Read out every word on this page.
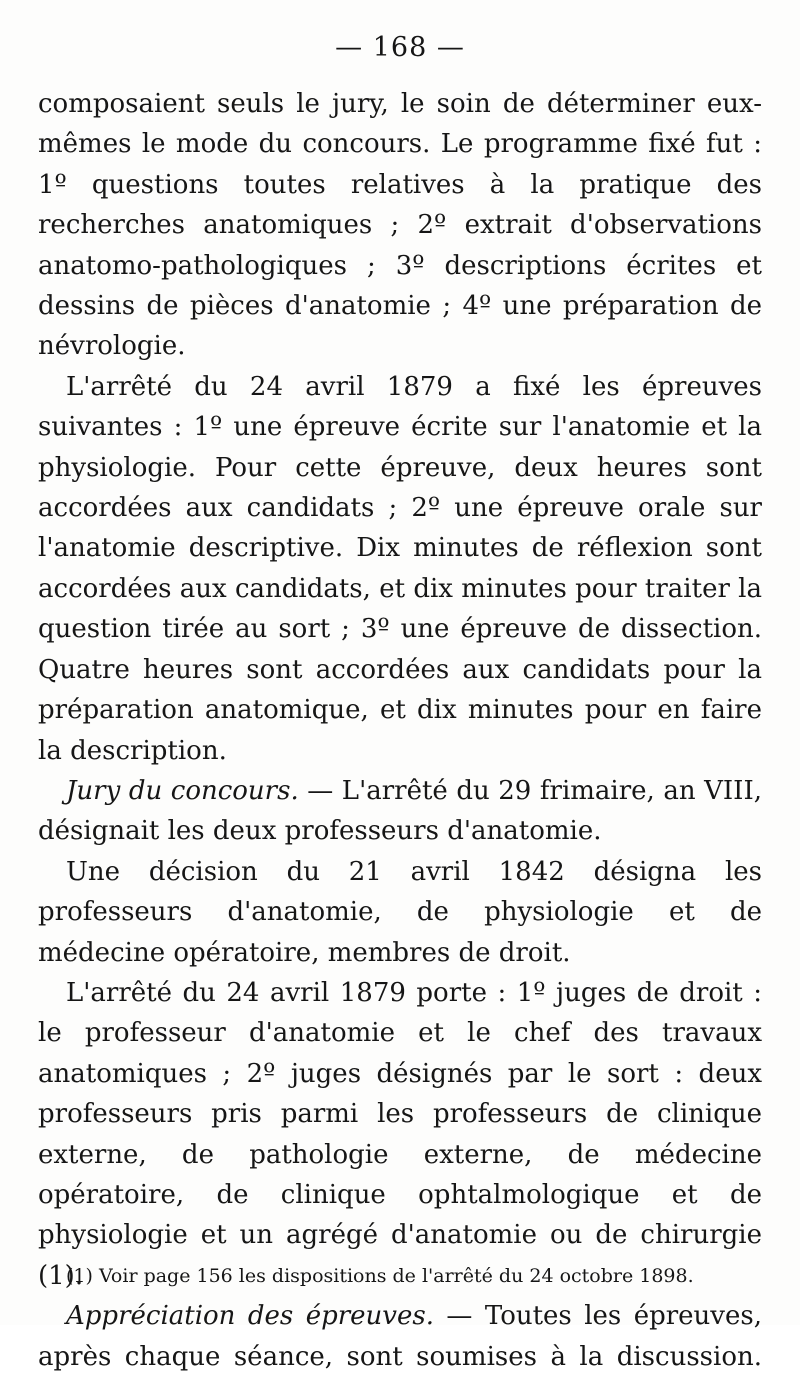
— 168 —

composaient seuls le jury, le soin de déterminer eux-mêmes le mode du concours. Le programme fixé fut : 1º questions toutes relatives à la pratique des recherches anatomiques ; 2º extrait d'observations anatomo-pathologiques ; 3º descriptions écrites et dessins de pièces d'anatomie ; 4º une préparation de névrologie.

L'arrêté du 24 avril 1879 a fixé les épreuves suivantes : 1º une épreuve écrite sur l'anatomie et la physiologie. Pour cette épreuve, deux heures sont accordées aux candidats ; 2º une épreuve orale sur l'anatomie descriptive. Dix minutes de réflexion sont accordées aux candidats, et dix minutes pour traiter la question tirée au sort ; 3º une épreuve de dissection. Quatre heures sont accordées aux candidats pour la préparation anatomique, et dix minutes pour en faire la description.

Jury du concours. — L'arrêté du 29 frimaire, an VIII, désignait les deux professeurs d'anatomie.

Une décision du 21 avril 1842 désigna les professeurs d'anatomie, de physiologie et de médecine opératoire, membres de droit.

L'arrêté du 24 avril 1879 porte : 1º juges de droit : le professeur d'anatomie et le chef des travaux anatomiques ; 2º juges désignés par le sort : deux professeurs pris parmi les professeurs de clinique externe, de pathologie externe, de médecine opératoire, de clinique ophtalmologique et de physiologie et un agrégé d'anatomie ou de chirurgie (1).

Appréciation des épreuves. — Toutes les épreuves, après chaque séance, sont soumises à la discussion.

(1) Voir page 156 les dispositions de l'arrêté du 24 octobre 1898.
